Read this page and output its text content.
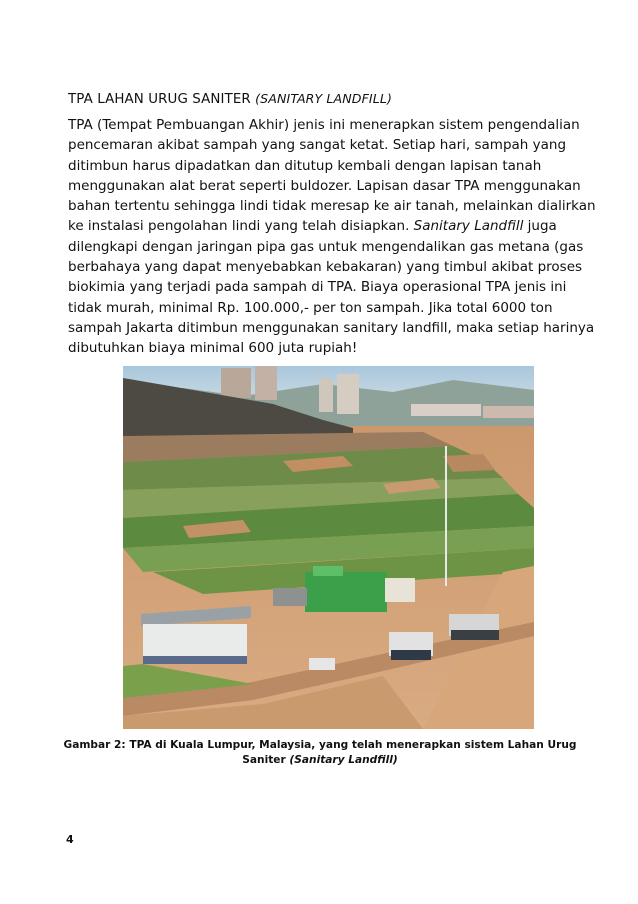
TPA LAHAN URUG SANITER (SANITARY LANDFILL)

TPA (Tempat Pembuangan Akhir) jenis ini menerapkan sistem pengendalian
pencemaran akibat sampah yang sangat ketat. Setiap hari, sampah yang
ditimbun harus dipadatkan dan ditutup kembali dengan lapisan tanah
menggunakan alat berat seperti buldozer. Lapisan dasar TPA menggunakan
bahan tertentu sehingga lindi tidak meresap ke air tanah, melainkan dialirkan
ke instalasi pengolahan lindi yang telah disiapkan. Sanitary Landfill juga
dilengkapi dengan jaringan pipa gas untuk mengendalikan gas metana (gas
berbahaya yang dapat menyebabkan kebakaran) yang timbul akibat proses
biokimia yang terjadi pada sampah di TPA. Biaya operasional TPA jenis ini
tidak murah, minimal Rp. 100.000,- per ton sampah. Jika total 6000 ton
sampah Jakarta ditimbun menggunakan sanitary landfill, maka setiap harinya
dibutuhkan biaya minimal 600 juta rupiah!

Gambar 2: TPA di Kuala Lumpur, Malaysia, yang telah menerapkan sistem Lahan Urug Saniter (Sanitary Landfill)
4
